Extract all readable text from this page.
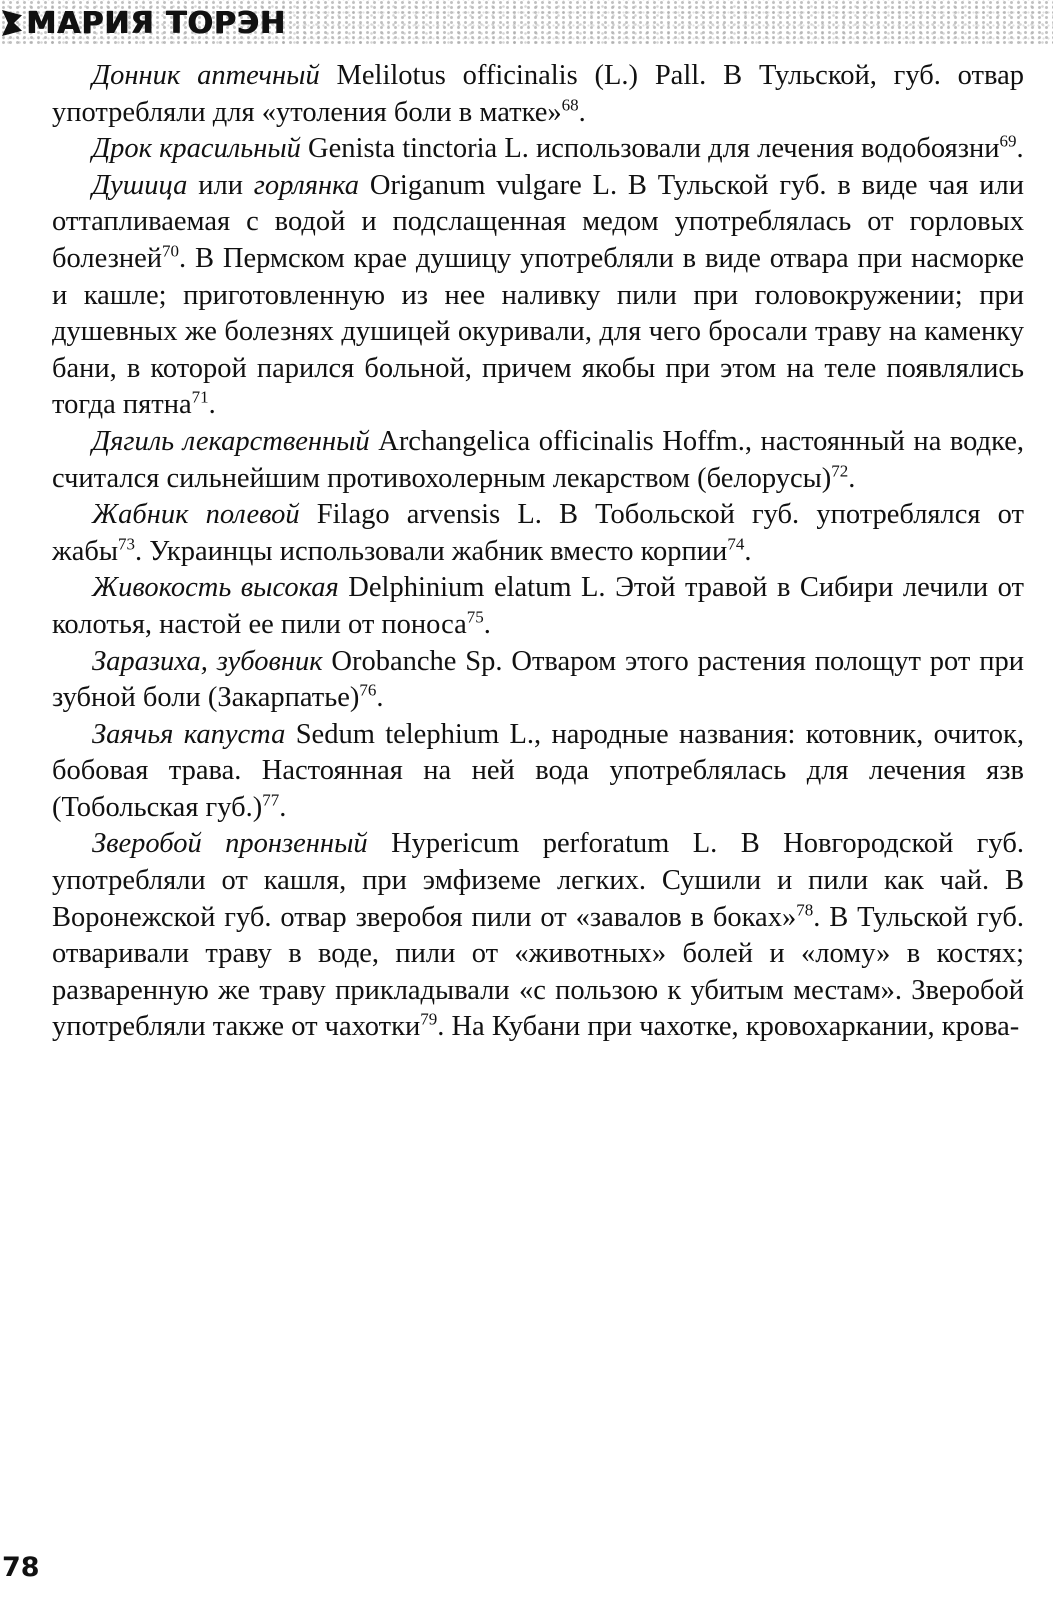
МАРИЯ ТОРЭН

Донник аптечный Melilotus officinalis (L.) Pall. В Тульской, губ. отвар употребляли для «утоления боли в матке»$^{68}$.

Дрок красильный Genista tinctoria L. использовали для лечения водобоязни$^{69}$.

Душица или горлянка Origanum vulgare L. В Тульской губ. в виде чая или оттапливаемая с водой и подслащенная медом употреблялась от горловых болезней$^{70}$. В Пермском крае душицу употребляли в виде отвара при насморке и кашле; приготовленную из нее наливку пили при головокружении; при душевных же болезнях душицей окуривали, для чего бросали траву на каменку бани, в которой парился больной, причем якобы при этом на теле появлялись тогда пятна$^{71}$.

Дягиль лекарственный Archangelica officinalis Hoffm., настоянный на водке, считался сильнейшим противохолерным лекарством (белорусы)$^{72}$.

Жабник полевой Filago arvensis L. В Тобольской губ. употреблялся от жабы$^{73}$. Украинцы использовали жабник вместо корпии$^{74}$.

Живокость высокая Delphinium elatum L. Этой травой в Сибири лечили от колотья, настой ее пили от поноса$^{75}$.

Заразиха, зубовник Orobanche Sp. Отваром этого растения полощут рот при зубной боли (Закарпатье)$^{76}$.

Заячья капуста Sedum telephium L., народные названия: котовник, очиток, бобовая трава. Настоянная на ней вода употреблялась для лечения язв (Тобольская губ.)$^{77}$.

Зверобой пронзенный Hypericum perforatum L. В Новгородской губ. употребляли от кашля, при эмфиземе легких. Сушили и пили как чай. В Воронежской губ. отвар зверобоя пили от «завалов в боках»$^{78}$. В Тульской губ. отваривали траву в воде, пили от «животных» болей и «лому» в костях; разваренную же траву прикладывали «с пользою к убитым местам». Зверобой употребляли также от чахотки$^{79}$. На Кубани при чахотке, кровохаркании, крова-

78
